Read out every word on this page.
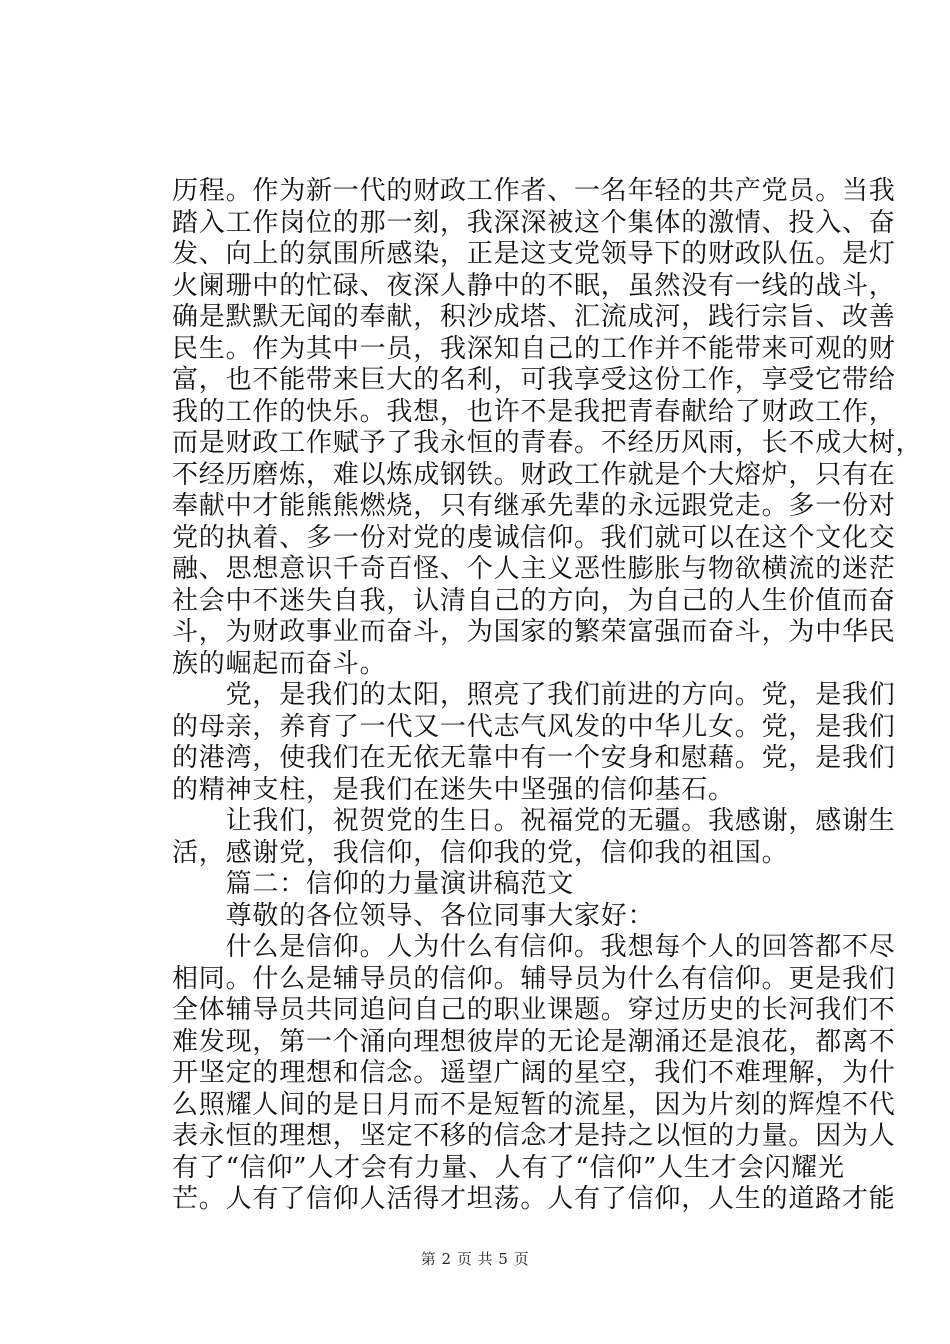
历程。作为新一代的财政工作者、一名年轻的共产党员。当我
踏入工作岗位的那一刻，我深深被这个集体的激情、投入、奋
发、向上的氛围所感染，正是这支党领导下的财政队伍。是灯
火阑珊中的忙碌、夜深人静中的不眠，虽然没有一线的战斗，
确是默默无闻的奉献，积沙成塔、汇流成河，践行宗旨、改善
民生。作为其中一员，我深知自己的工作并不能带来可观的财
富，也不能带来巨大的名利，可我享受这份工作，享受它带给
我的工作的快乐。我想，也许不是我把青春献给了财政工作，
而是财政工作赋予了我永恒的青春。不经历风雨，长不成大树，
不经历磨炼，难以炼成钢铁。财政工作就是个大熔炉，只有在
奉献中才能熊熊燃烧，只有继承先辈的永远跟党走。多一份对
党的执着、多一份对党的虔诚信仰。我们就可以在这个文化交
融、思想意识千奇百怪、个人主义恶性膨胀与物欲横流的迷茫
社会中不迷失自我，认清自己的方向，为自己的人生价值而奋
斗，为财政事业而奋斗，为国家的繁荣富强而奋斗，为中华民
族的崛起而奋斗。
　　党，是我们的太阳，照亮了我们前进的方向。党，是我们
的母亲，养育了一代又一代志气风发的中华儿女。党，是我们
的港湾，使我们在无依无靠中有一个安身和慰藉。党，是我们
的精神支柱，是我们在迷失中坚强的信仰基石。
　　让我们，祝贺党的生日。祝福党的无疆。我感谢，感谢生
活，感谢党，我信仰，信仰我的党，信仰我的祖国。
　　篇二：信仰的力量演讲稿范文
　　尊敬的各位领导、各位同事大家好：
　　什么是信仰。人为什么有信仰。我想每个人的回答都不尽
相同。什么是辅导员的信仰。辅导员为什么有信仰。更是我们
全体辅导员共同追问自己的职业课题。穿过历史的长河我们不
难发现，第一个涌向理想彼岸的无论是潮涌还是浪花，都离不
开坚定的理想和信念。遥望广阔的星空，我们不难理解，为什
么照耀人间的是日月而不是短暂的流星，因为片刻的辉煌不代
表永恒的理想，坚定不移的信念才是持之以恒的力量。因为人
有了“信仰”人才会有力量、人有了“信仰”人生才会闪耀光
芒。人有了信仰人活得才坦荡。人有了信仰，人生的道路才能
第 2 页 共 5 页
